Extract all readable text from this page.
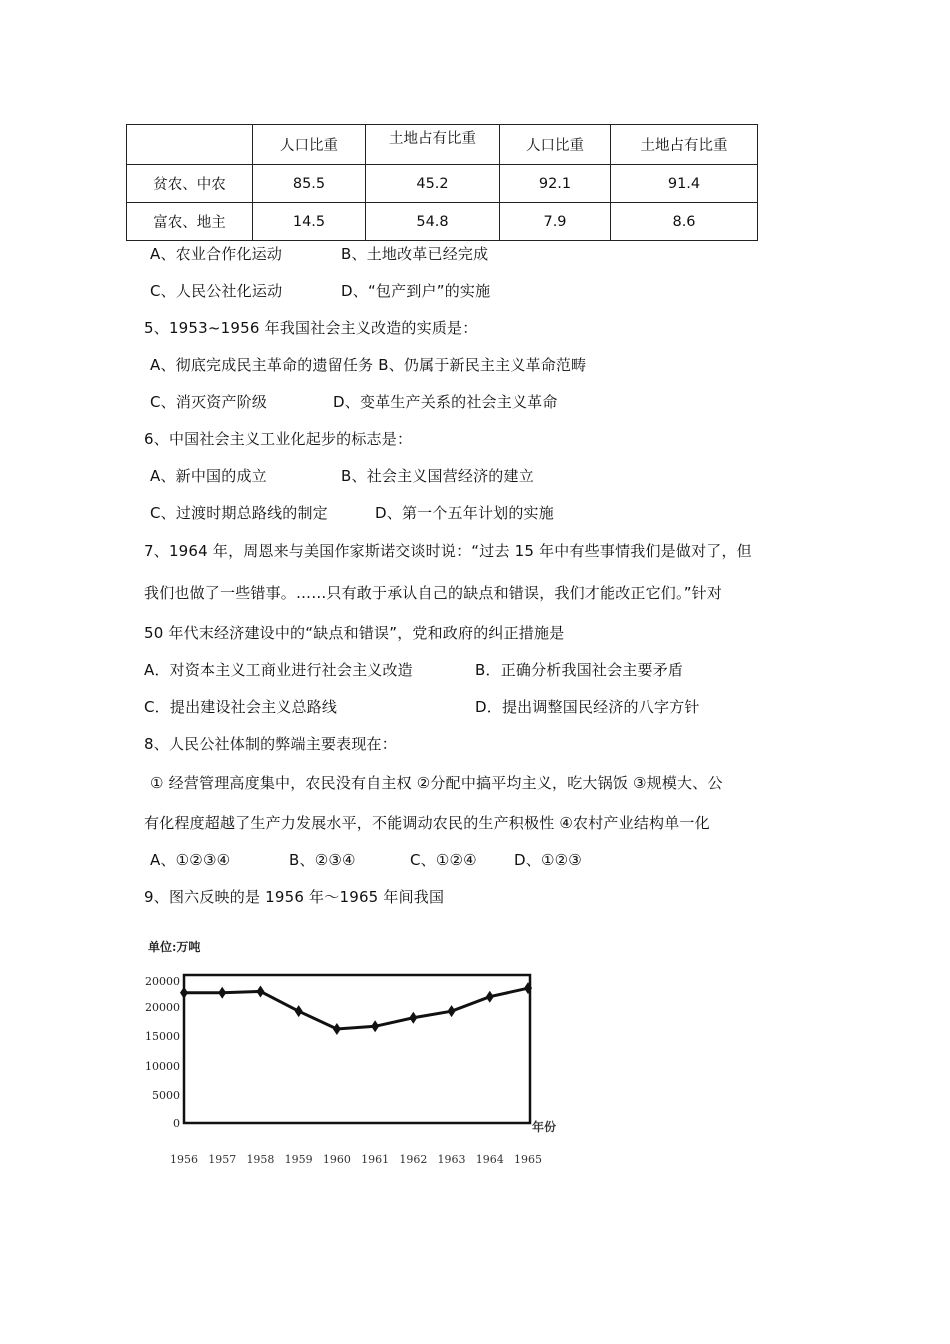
	人口比重	土地占有比重	人口比重	土地占有比重
贫农、中农	85.5	45.2	92.1	91.4
富农、地主	14.5	54.8	7.9	8.6
A、农业合作化运动	B、土地改革已经完成
C、人民公社化运动	D、“包产到户”的实施
5、1953~1956 年我国社会主义改造的实质是：
A、彻底完成民主革命的遗留任务 B、仍属于新民主主义革命范畴
C、消灭资产阶级	D、变革生产关系的社会主义革命
6、中国社会主义工业化起步的标志是：
A、新中国的成立	B、社会主义国营经济的建立
C、过渡时期总路线的制定	D、第一个五年计划的实施
7、1964 年，周恩来与美国作家斯诺交谈时说：“过去 15 年中有些事情我们是做对了，但
我们也做了一些错事。……只有敢于承认自己的缺点和错误，我们才能改正它们。”针对
50 年代末经济建设中的“缺点和错误”，党和政府的纠正措施是
A．对资本主义工商业进行社会主义改造	B．正确分析我国社会主要矛盾
C．提出建设社会主义总路线	D．提出调整国民经济的八字方针
8、人民公社体制的弊端主要表现在：
① 经营管理高度集中，农民没有自主权 ②分配中搞平均主义，吃大锅饭 ③规模大、公
有化程度超越了生产力发展水平，不能调动农民的生产积极性 ④农村产业结构单一化
A、①②③④	B、②③④	C、①②④ D、①②③
9、图六反映的是 1956 年～1965 年间我国
单位:万吨
20000
20000
15000
10000
5000
0
1956 1957 1958 1959 1960 1961 1962 1963 1964 1965
年份
